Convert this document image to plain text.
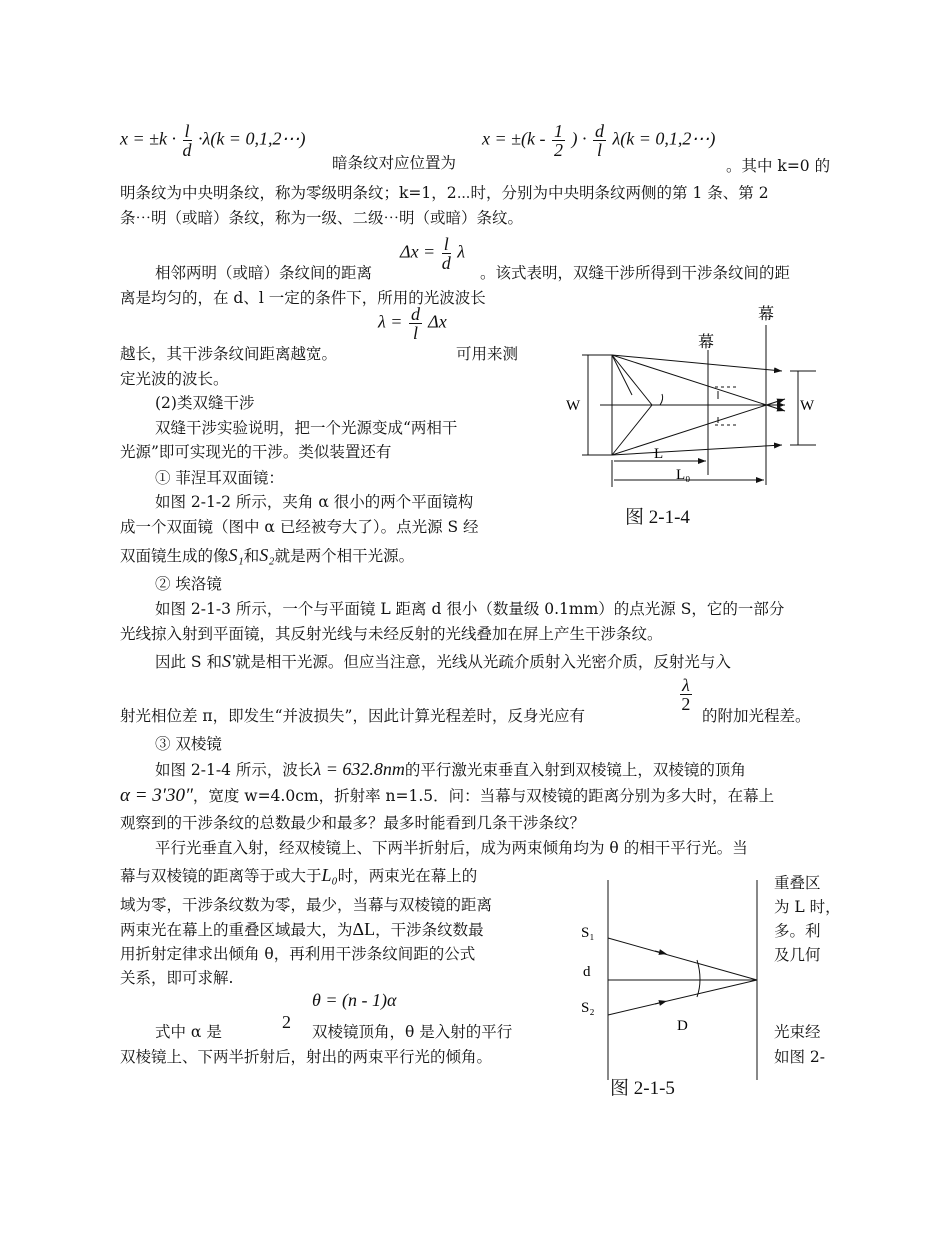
$x = \pm k \cdot \frac{l}{d} \cdot\lambda(k$ = 0,1,2⋯)
暗条纹对应位置为
$x = \pm(k - \frac{1}{2}$ ) · $\frac{d}{l} \lambda(k$ = 0,1,2⋯)
。其中 k=0 的
明条纹为中央明条纹，称为零级明条纹；k=1，2⋯时，分别为中央明条纹两侧的第 1 条、第 2
条⋯明（或暗）条纹，称为一级、二级⋯明（或暗）条纹。
$\Delta x = \frac{l}{d}$ λ
相邻两明（或暗）条纹间的距离	。该式表明，双缝干涉所得到干涉条纹间的距
离是均匀的，在 d、l 一定的条件下，所用的光波波长
$\lambda = \frac{d}{l}$ Δx
越长，其干涉条纹间距离越宽。	可用来测
定光波的波长。
(2)类双缝干涉
双缝干涉实验说明，把一个光源变成“两相干
光源”即可实现光的干涉。类似装置还有
① 菲涅耳双面镜：
如图 2-1-2 所示，夹角 α 很小的两个平面镜构
成一个双面镜（图中 α 已经被夸大了）。点光源 S 经
双面镜生成的像S₁和S₂就是两个相干光源。
② 埃洛镜
如图 2-1-3 所示，一个与平面镜 L 距离 d 很小（数量级 0.1mm）的点光源 S，它的一部分
光线掠入射到平面镜，其反射光线与未经反射的光线叠加在屏上产生干涉条纹。
因此 S 和S′就是相干光源。但应当注意，光线从光疏介质射入光密介质，反射光与入
射光相位差 π，即发生“并波损失”，因此计算光程差时，反身光应有
$\frac{\lambda}{2}$
的附加光程差。
③ 双棱镜
如图 2-1-4 所示，波长λ = 632.8nm的平行激光束垂直入射到双棱镜上，双棱镜的顶角
α = 3′30″，宽度 w=4.0cm，折射率 n=1.5．问：当幕与双棱镜的距离分别为多大时，在幕上
观察到的干涉条纹的总数最少和最多？最多时能看到几条干涉条纹？
平行光垂直入射，经双棱镜上、下两半折射后，成为两束倾角均为 θ 的相干平行光。当
幕与双棱镜的距离等于或大于L₀时，两束光在幕上的
域为零，干涉条纹数为零，最少，当幕与双棱镜的距离
两束光在幕上的重叠区域最大，为ΔL，干涉条纹数最
用折射定律求出倾角 θ，再利用干涉条纹间距的公式
关系，即可求解.
θ = (n - 1)α
2
式中 α 是	双棱镜顶角，θ 是入射的平行
双棱镜上、下两半折射后，射出的两束平行光的倾角。
重叠区
为 L 时，
多。利
及几何
光束经
如图 2-
幕
幕
W	W
L
L₀
图 2-1-4
S₁
d
S₂
D
图 2-1-5
